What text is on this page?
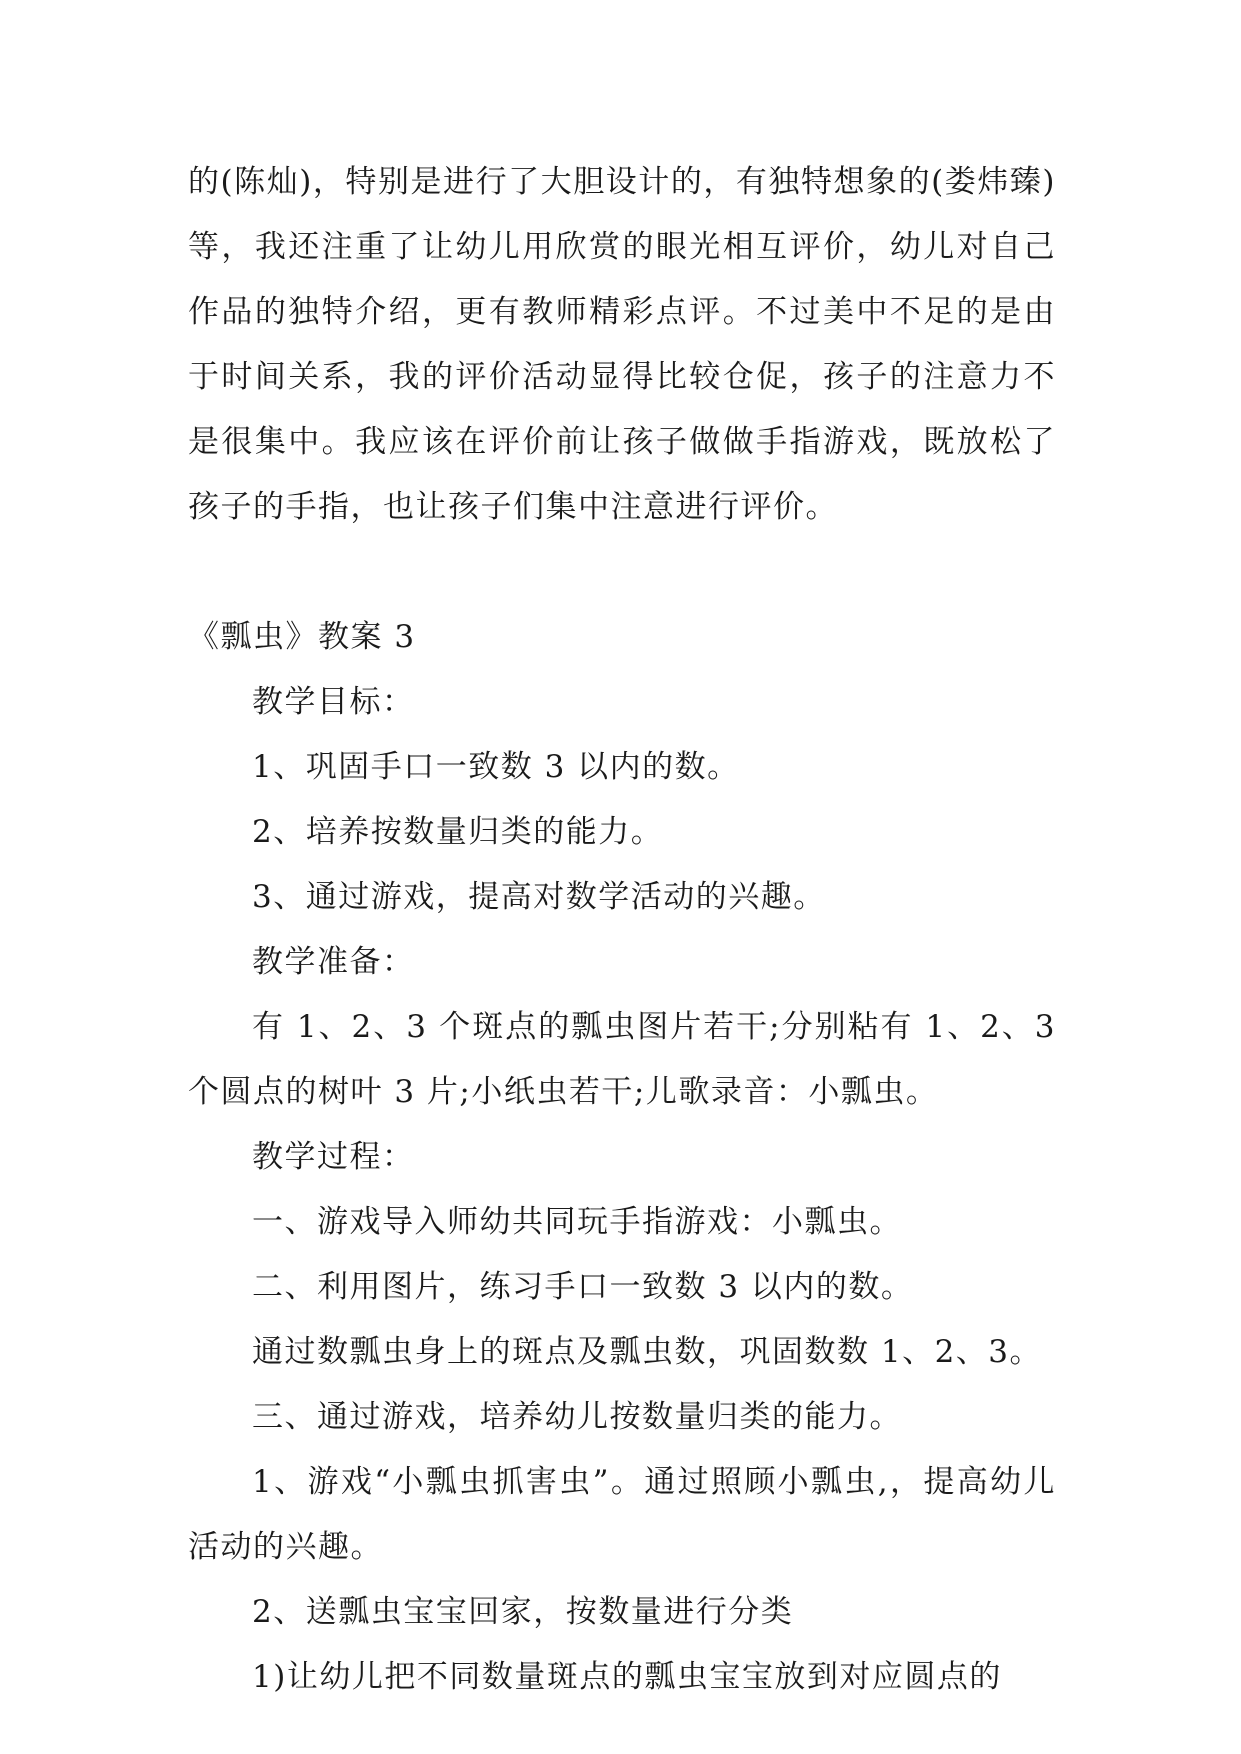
的(陈灿)，特别是进行了大胆设计的，有独特想象的(娄炜臻)等，我还注重了让幼儿用欣赏的眼光相互评价，幼儿对自己作品的独特介绍，更有教师精彩点评。不过美中不足的是由于时间关系，我的评价活动显得比较仓促，孩子的注意力不是很集中。我应该在评价前让孩子做做手指游戏，既放松了孩子的手指，也让孩子们集中注意进行评价。

《瓢虫》教案 3

教学目标：

1、巩固手口一致数 3 以内的数。

2、培养按数量归类的能力。

3、通过游戏，提高对数学活动的兴趣。

教学准备：

有 1、2、3 个斑点的瓢虫图片若干;分别粘有 1、2、3 个圆点的树叶 3 片;小纸虫若干;儿歌录音：小瓢虫。

教学过程：

一、游戏导入师幼共同玩手指游戏：小瓢虫。

二、利用图片，练习手口一致数 3 以内的数。

通过数瓢虫身上的斑点及瓢虫数，巩固数数 1、2、3。

三、通过游戏，培养幼儿按数量归类的能力。

1、游戏“小瓢虫抓害虫”。通过照顾小瓢虫,，提高幼儿活动的兴趣。

2、送瓢虫宝宝回家，按数量进行分类

1)让幼儿把不同数量斑点的瓢虫宝宝放到对应圆点的
